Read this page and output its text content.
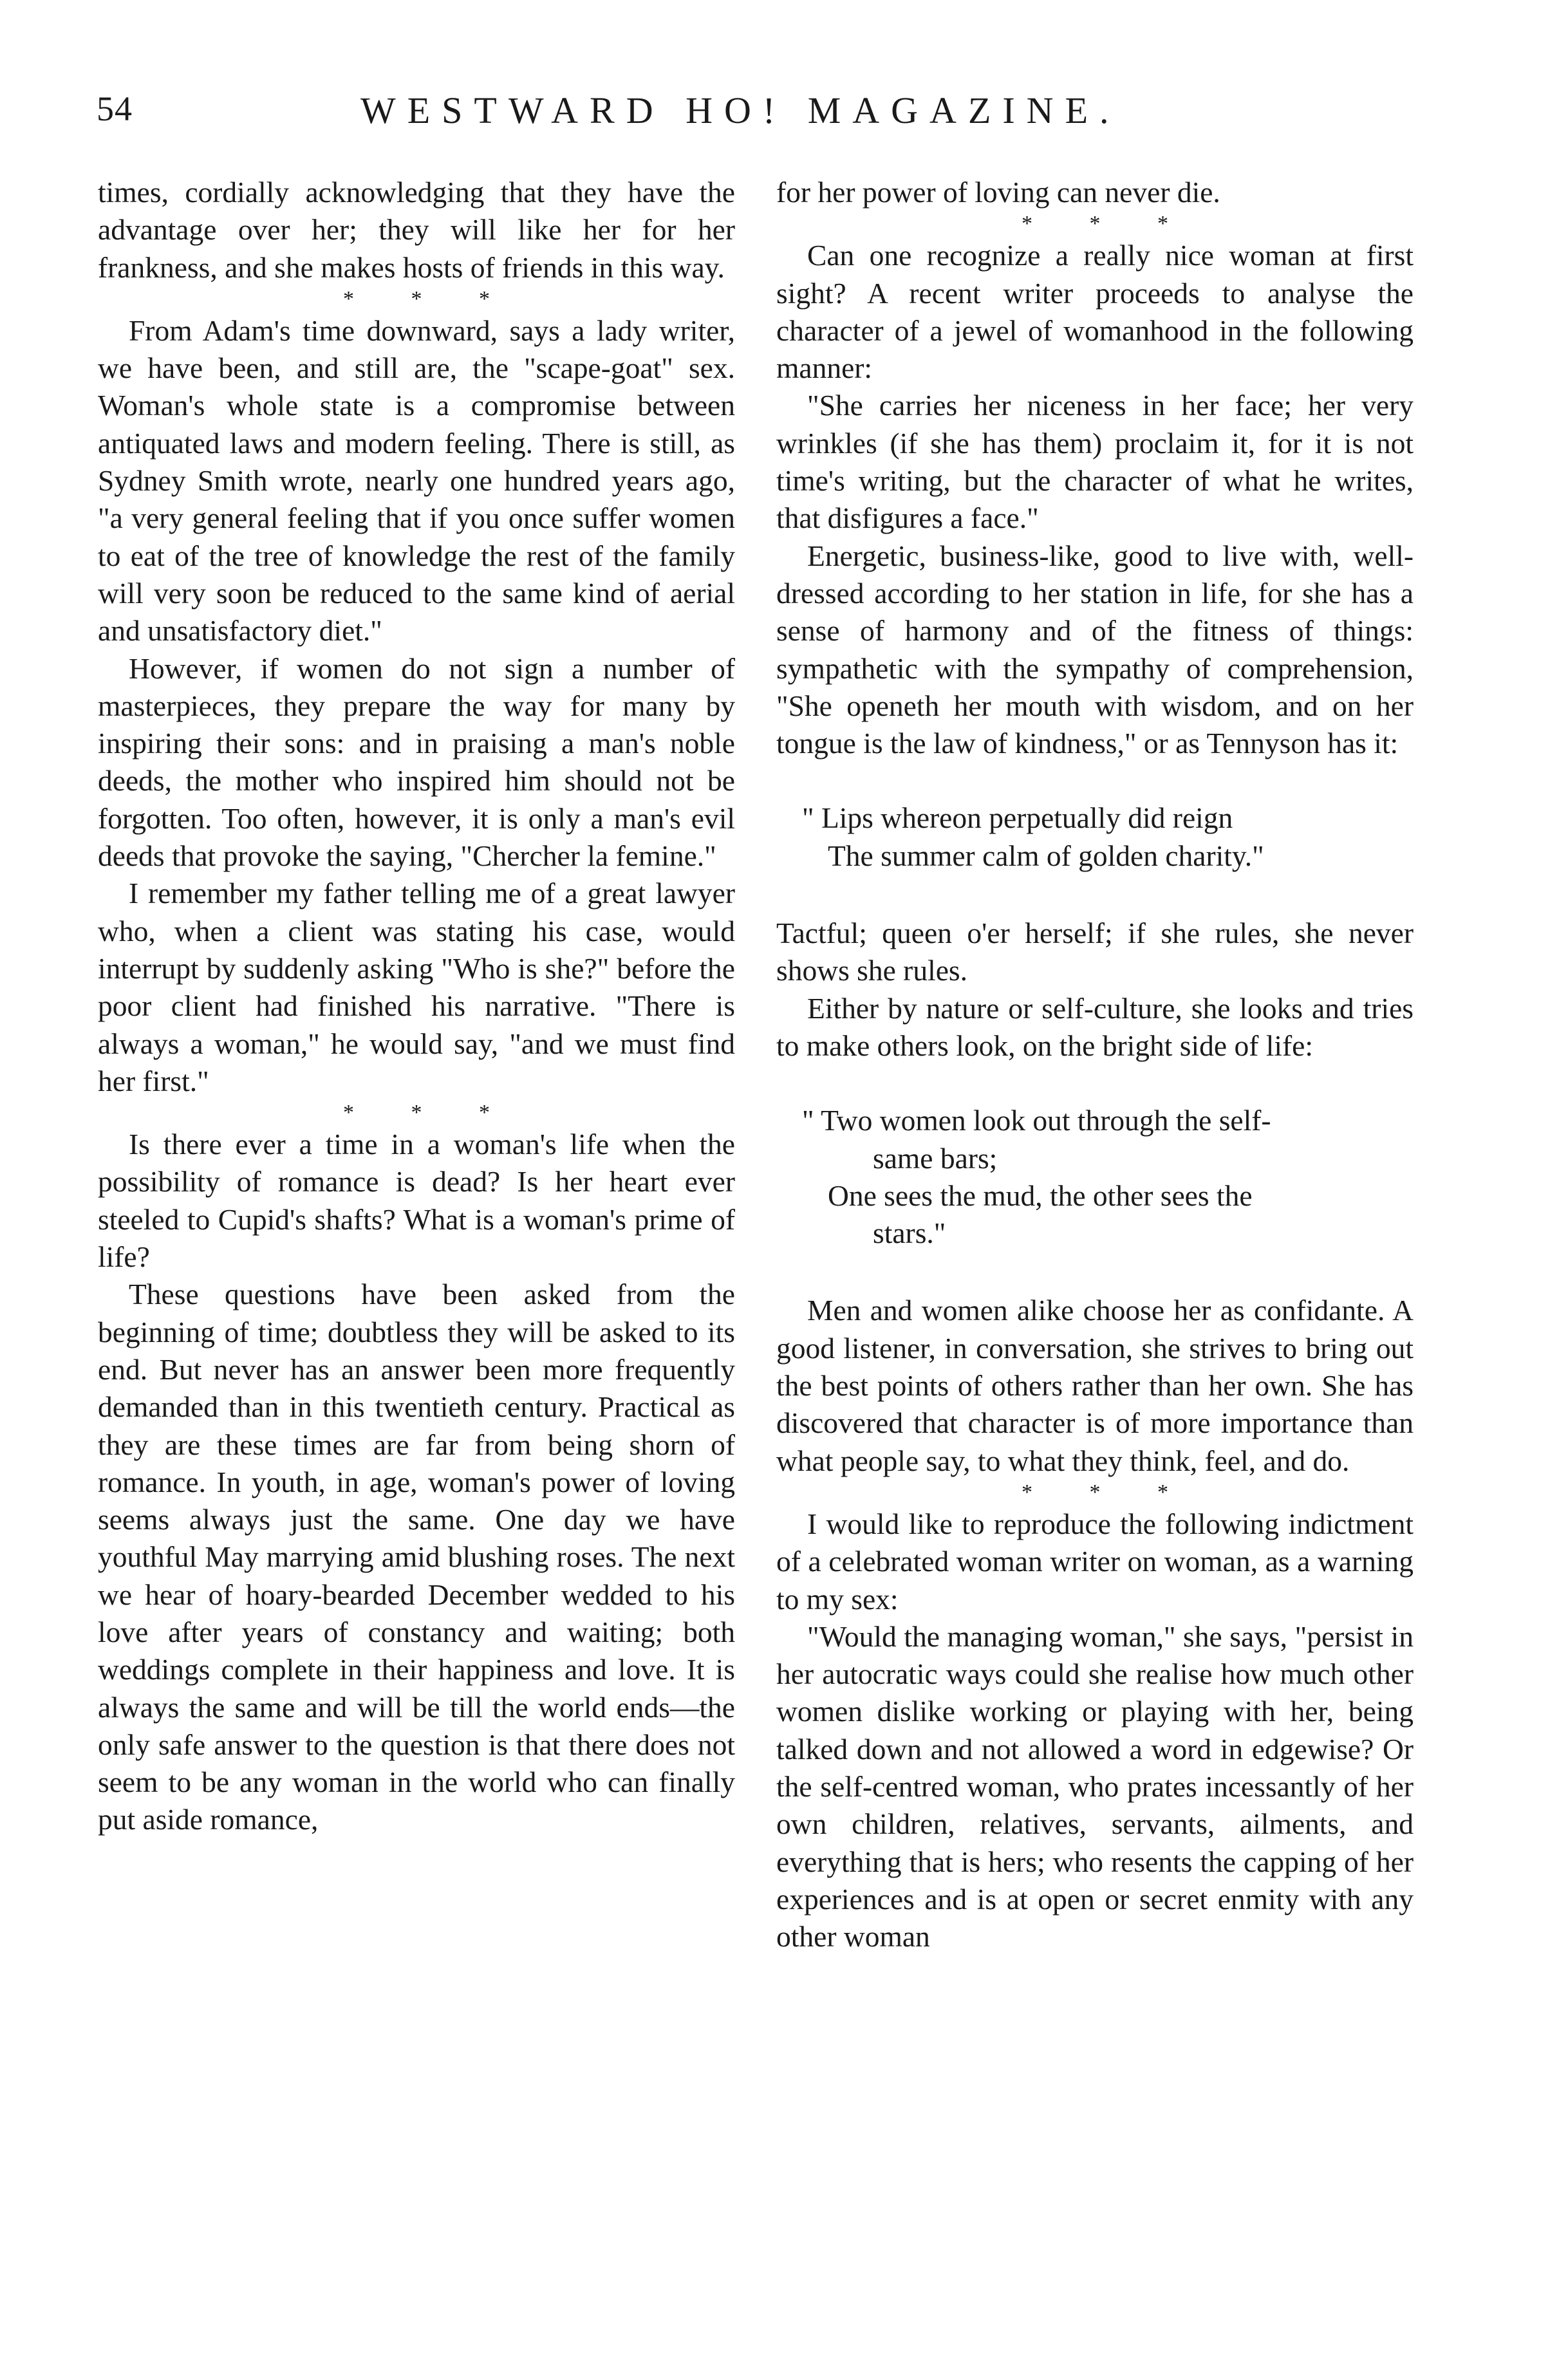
54	WESTWARD HO! MAGAZINE.

times, cordially acknowledging that they have the advantage over her; they will like her for her frankness, and she makes hosts of friends in this way.

* * *

From Adam's time downward, says a lady writer, we have been, and still are, the "scape-goat" sex. Woman's whole state is a compromise between antiquated laws and modern feeling. There is still, as Sydney Smith wrote, nearly one hundred years ago, "a very general feeling that if you once suffer women to eat of the tree of knowledge the rest of the family will very soon be reduced to the same kind of aerial and unsatisfactory diet."

However, if women do not sign a number of masterpieces, they prepare the way for many by inspiring their sons: and in praising a man's noble deeds, the mother who inspired him should not be forgotten. Too often, however, it is only a man's evil deeds that provoke the saying, "Chercher la femine."

I remember my father telling me of a great lawyer who, when a client was stating his case, would interrupt by suddenly asking "Who is she?" before the poor client had finished his narrative. "There is always a woman," he would say, "and we must find her first."

* * *

Is there ever a time in a woman's life when the possibility of romance is dead? Is her heart ever steeled to Cupid's shafts? What is a woman's prime of life?

These questions have been asked from the beginning of time; doubtless they will be asked to its end. But never has an answer been more frequently demanded than in this twentieth century. Practical as they are these times are far from being shorn of romance. In youth, in age, woman's power of loving seems always just the same. One day we have youthful May marrying amid blushing roses. The next we hear of hoary-bearded December wedded to his love after years of constancy and waiting; both weddings complete in their happiness and love. It is always the same and will be till the world ends—the only safe answer to the question is that there does not seem to be any woman in the world who can finally put aside romance,

for her power of loving can never die.

* * *

Can one recognize a really nice woman at first sight? A recent writer proceeds to analyse the character of a jewel of womanhood in the following manner:

"She carries her niceness in her face; her very wrinkles (if she has them) proclaim it, for it is not time's writing, but the character of what he writes, that disfigures a face."

Energetic, business-like, good to live with, well-dressed according to her station in life, for she has a sense of harmony and of the fitness of things: sympathetic with the sympathy of comprehension, "She openeth her mouth with wisdom, and on her tongue is the law of kindness," or as Tennyson has it:

" Lips whereon perpetually did reign
The summer calm of golden charity."

Tactful; queen o'er herself; if she rules, she never shows she rules.

Either by nature or self-culture, she looks and tries to make others look, on the bright side of life:

" Two women look out through the self-
same bars;
One sees the mud, the other sees the
stars."

Men and women alike choose her as confidante. A good listener, in conversation, she strives to bring out the best points of others rather than her own. She has discovered that character is of more importance than what people say, to what they think, feel, and do.

* * *

I would like to reproduce the following indictment of a celebrated woman writer on woman, as a warning to my sex:

"Would the managing woman," she says, "persist in her autocratic ways could she realise how much other women dislike working or playing with her, being talked down and not allowed a word in edgewise? Or the self-centred woman, who prates incessantly of her own children, relatives, servants, ailments, and everything that is hers; who resents the capping of her experiences and is at open or secret enmity with any other woman
